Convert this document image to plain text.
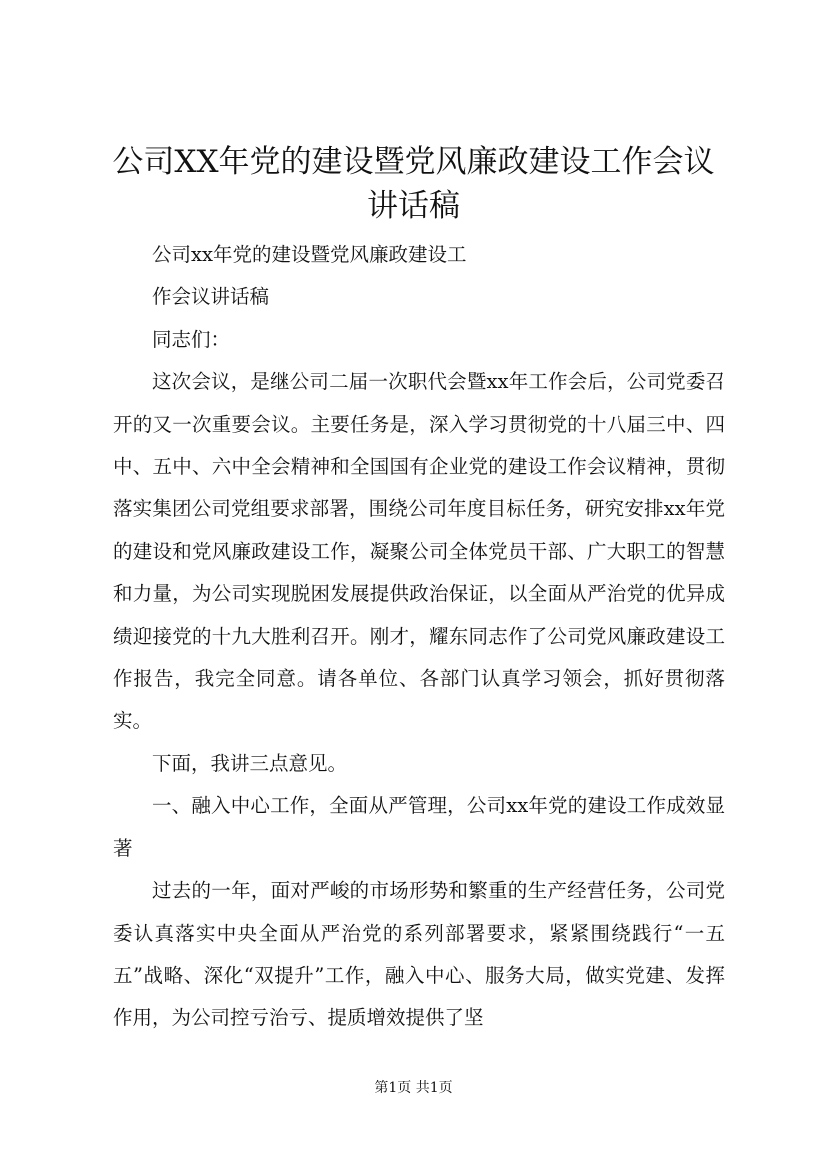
公司XX年党的建设暨党风廉政建设工作会议
讲话稿

公司xx年党的建设暨党风廉政建设工

作会议讲话稿

同志们：

这次会议，是继公司二届一次职代会暨xx年工作会后，公司党委召开的又一次重要会议。主要任务是，深入学习贯彻党的十八届三中、四中、五中、六中全会精神和全国国有企业党的建设工作会议精神，贯彻落实集团公司党组要求部署，围绕公司年度目标任务，研究安排xx年党的建设和党风廉政建设工作，凝聚公司全体党员干部、广大职工的智慧和力量，为公司实现脱困发展提供政治保证，以全面从严治党的优异成绩迎接党的十九大胜利召开。刚才，耀东同志作了公司党风廉政建设工作报告，我完全同意。请各单位、各部门认真学习领会，抓好贯彻落实。

下面，我讲三点意见。

一、融入中心工作，全面从严管理，公司xx年党的建设工作成效显著

过去的一年，面对严峻的市场形势和繁重的生产经营任务，公司党委认真落实中央全面从严治党的系列部署要求，紧紧围绕践行“一五五”战略、深化“双提升”工作，融入中心、服务大局，做实党建、发挥作用，为公司控亏治亏、提质增效提供了坚

第1页 共1页
